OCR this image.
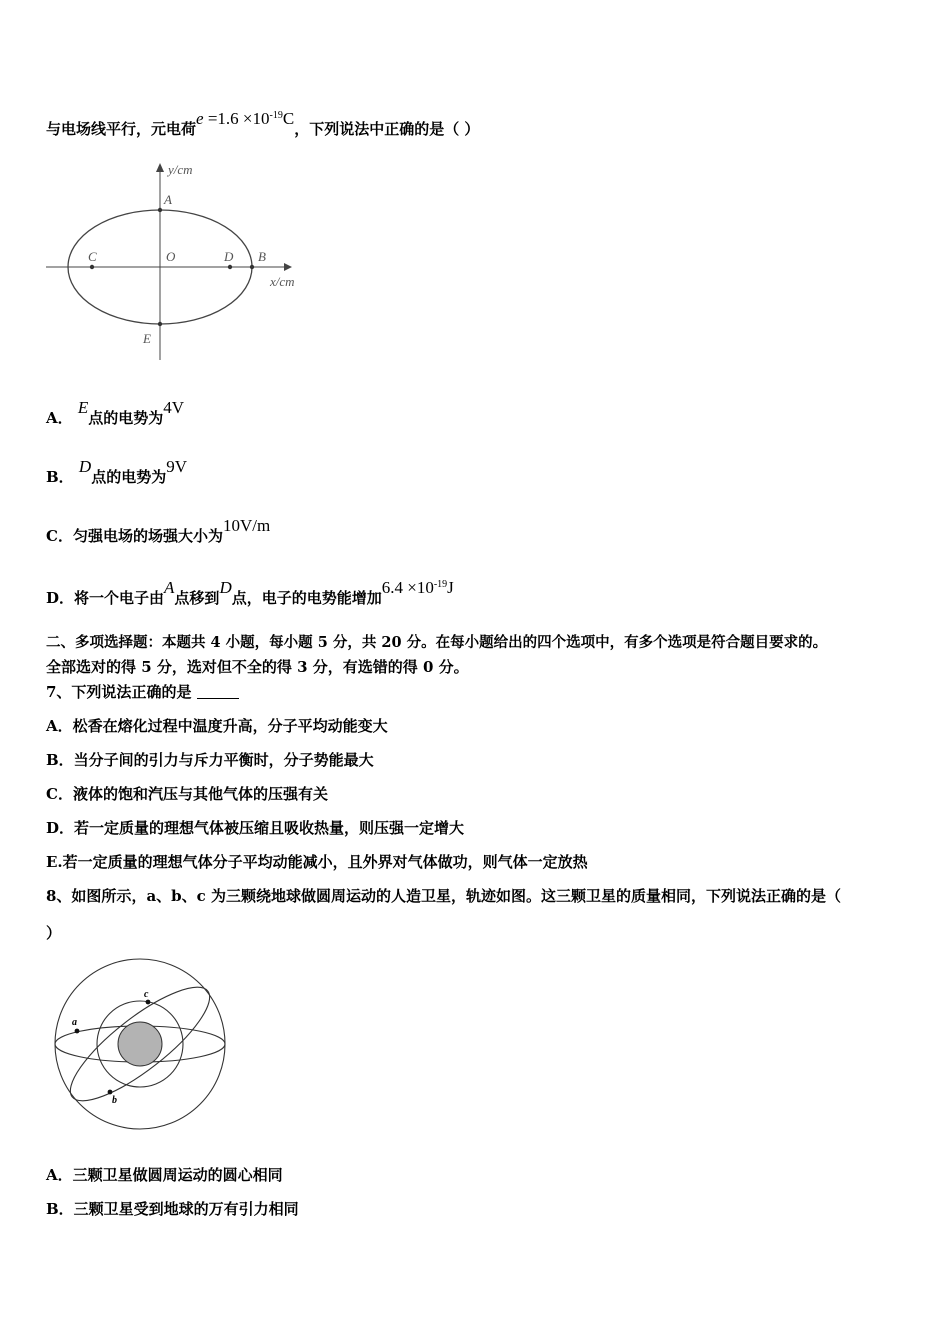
与电场线平行，元电荷$e =1.6 \times 10^{-19}C$，下列说法中正确的是（ ）
y/cm
x/cm
A
B
C	O	D
E
A． E点的电势为4V
B． D点的电势为9V
C．匀强电场的场强大小为10V/m
D．将一个电子由A点移到D点，电子的电势能增加$6.4 \times 10^{-19}J$
二、多项选择题：本题共 4 小题，每小题 5 分，共 20 分。在每小题给出的四个选项中，有多个选项是符合题目要求的。
全部选对的得 5 分，选对但不全的得 3 分，有选错的得 0 分。
7、下列说法正确的是
A．松香在熔化过程中温度升高，分子平均动能变大
B．当分子间的引力与斥力平衡时，分子势能最大
C．液体的饱和汽压与其他气体的压强有关
D．若一定质量的理想气体被压缩且吸收热量，则压强一定增大
E.若一定质量的理想气体分子平均动能减小，且外界对气体做功，则气体一定放热
8、如图所示，a、b、c 为三颗绕地球做圆周运动的人造卫星，轨迹如图。这三颗卫星的质量相同，下列说法正确的是（
）
a
b
c
A．三颗卫星做圆周运动的圆心相同
B．三颗卫星受到地球的万有引力相同
